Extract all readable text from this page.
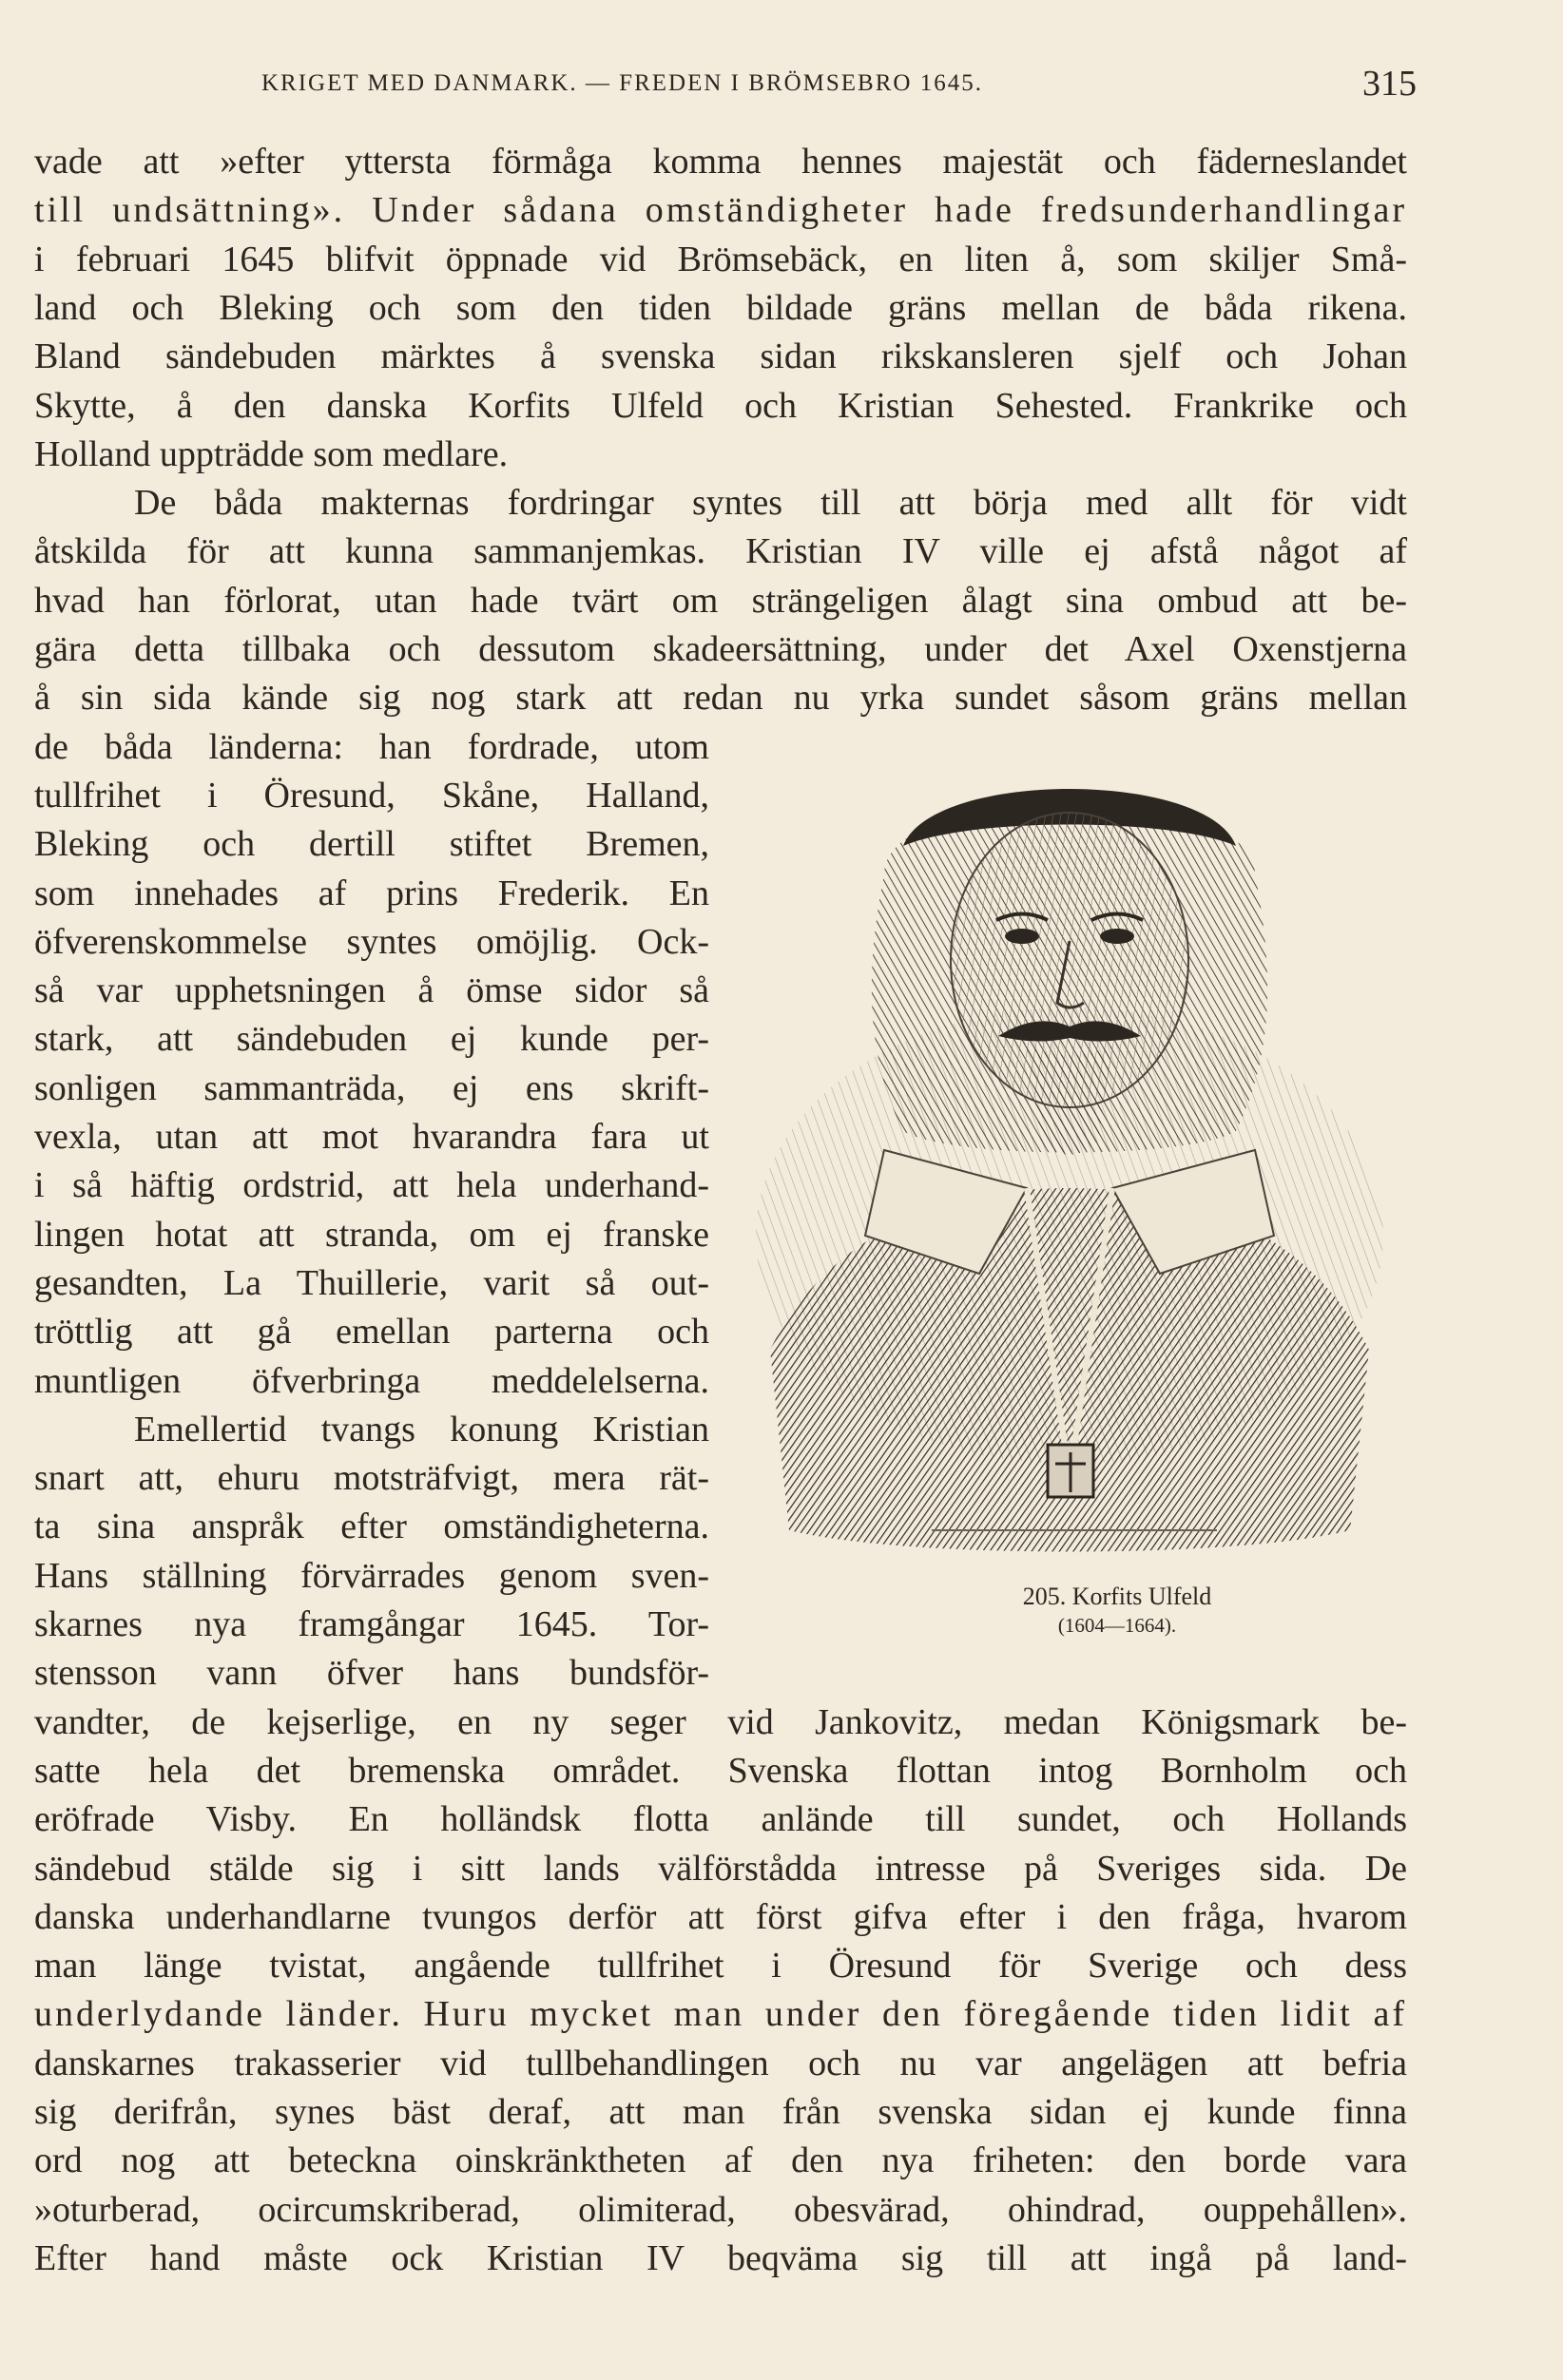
KRIGET MED DANMARK. — FREDEN I BRÖMSEBRO 1645.	315
vade att »efter yttersta förmåga komma hennes majestät och fäderneslandet
till undsättning». Under sådana omständigheter hade fredsunderhandlingar
i februari 1645 blifvit öppnade vid Brömsebäck, en liten å, som skiljer Små-
land och Bleking och som den tiden bildade gräns mellan de båda rikena.
Bland sändebuden märktes å svenska sidan rikskansleren sjelf och Johan
Skytte, å den danska Korfits Ulfeld och Kristian Sehested. Frankrike och
Holland uppträdde som medlare.
De båda makternas fordringar syntes till att börja med allt för vidt
åtskilda för att kunna sammanjemkas. Kristian IV ville ej afstå något af
hvad han förlorat, utan hade tvärt om strängeligen ålagt sina ombud att be-
gära detta tillbaka och dessutom skadeersättning, under det Axel Oxenstjerna
å sin sida kände sig nog stark att redan nu yrka sundet såsom gräns mellan
de båda länderna: han fordrade, utom
tullfrihet i Öresund, Skåne, Halland,
Bleking och dertill stiftet Bremen,
som innehades af prins Frederik. En
öfverenskommelse syntes omöjlig. Ock-
så var upphetsningen å ömse sidor så
stark, att sändebuden ej kunde per-
sonligen sammanträda, ej ens skrift-
vexla, utan att mot hvarandra fara ut
i så häftig ordstrid, att hela underhand-
lingen hotat att stranda, om ej franske
gesandten, La Thuillerie, varit så out-
tröttlig att gå emellan parterna och
muntligen öfverbringa meddelelserna.
Emellertid tvangs konung Kristian
snart att, ehuru motsträfvigt, mera rät-
ta sina anspråk efter omständigheterna.
Hans ställning förvärrades genom sven-
skarnes nya framgångar 1645. Tor-
stensson vann öfver hans bundsför-
vandter, de kejserlige, en ny seger vid Jankovitz, medan Königsmark be-
satte hela det bremenska området. Svenska flottan intog Bornholm och
eröfrade Visby. En holländsk flotta anlände till sundet, och Hollands
sändebud stälde sig i sitt lands välförstådda intresse på Sveriges sida. De
danska underhandlarne tvungos derför att först gifva efter i den fråga, hvarom
man länge tvistat, angående tullfrihet i Öresund för Sverige och dess
underlydande länder. Huru mycket man under den föregående tiden lidit af
danskarnes trakasserier vid tullbehandlingen och nu var angelägen att befria
sig derifrån, synes bäst deraf, att man från svenska sidan ej kunde finna
ord nog att beteckna oinskränktheten af den nya friheten: den borde vara
»oturberad, ocircumskriberad, olimiterad, obesvärad, ohindrad, ouppehållen».
Efter hand måste ock Kristian IV beqväma sig till att ingå på land-
205. Korfits Ulfeld
(1604—1664).
